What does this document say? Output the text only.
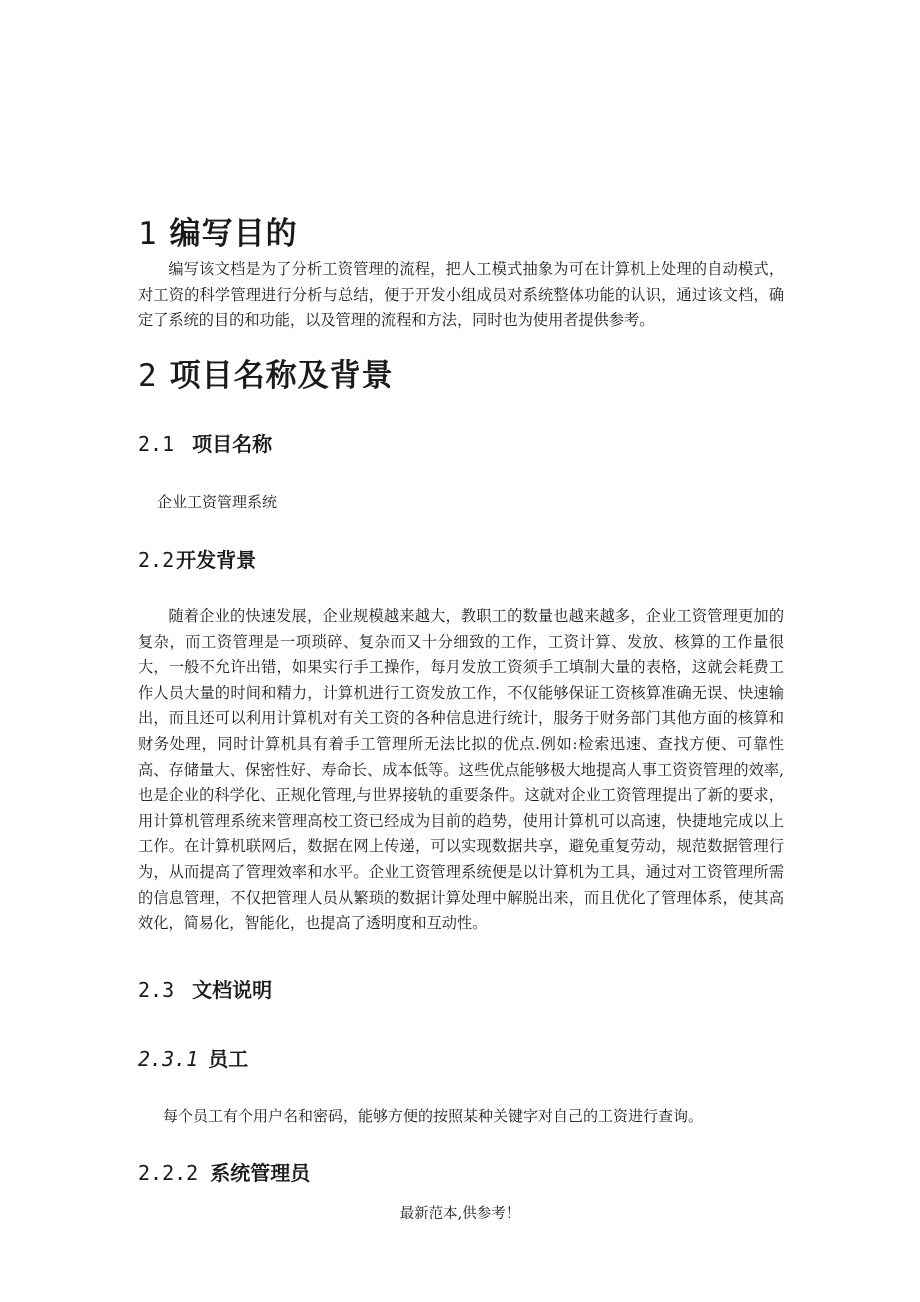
1 编写目的

编写该文档是为了分析工资管理的流程，把人工模式抽象为可在计算机上处理的自动模式，对工资的科学管理进行分析与总结，便于开发小组成员对系统整体功能的认识，通过该文档，确定了系统的目的和功能，以及管理的流程和方法，同时也为使用者提供参考。

2 项目名称及背景
2.1 项目名称

企业工资管理系统

2.2 开发背景

随着企业的快速发展，企业规模越来越大，教职工的数量也越来越多，企业工资管理更加的复杂，而工资管理是一项琐碎、复杂而又十分细致的工作，工资计算、发放、核算的工作量很大，一般不允许出错，如果实行手工操作，每月发放工资须手工填制大量的表格，这就会耗费工作人员大量的时间和精力，计算机进行工资发放工作，不仅能够保证工资核算准确无误、快速输出，而且还可以利用计算机对有关工资的各种信息进行统计，服务于财务部门其他方面的核算和财务处理，同时计算机具有着手工管理所无法比拟的优点.例如:检索迅速、查找方便、可靠性高、存储量大、保密性好、寿命长、成本低等。这些优点能够极大地提高人事工资资管理的效率,也是企业的科学化、正规化管理,与世界接轨的重要条件。这就对企业工资管理提出了新的要求，用计算机管理系统来管理高校工资已经成为目前的趋势，使用计算机可以高速，快捷地完成以上工作。在计算机联网后，数据在网上传递，可以实现数据共享，避免重复劳动，规范数据管理行为，从而提高了管理效率和水平。企业工资管理系统便是以计算机为工具，通过对工资管理所需的信息管理，不仅把管理人员从繁琐的数据计算处理中解脱出来，而且优化了管理体系，使其高效化，简易化，智能化，也提高了透明度和互动性。

2.3 文档说明
2.3.1 员工

每个员工有个用户名和密码，能够方便的按照某种关键字对自己的工资进行查询。

2.2.2 系统管理员

最新范本,供参考！
